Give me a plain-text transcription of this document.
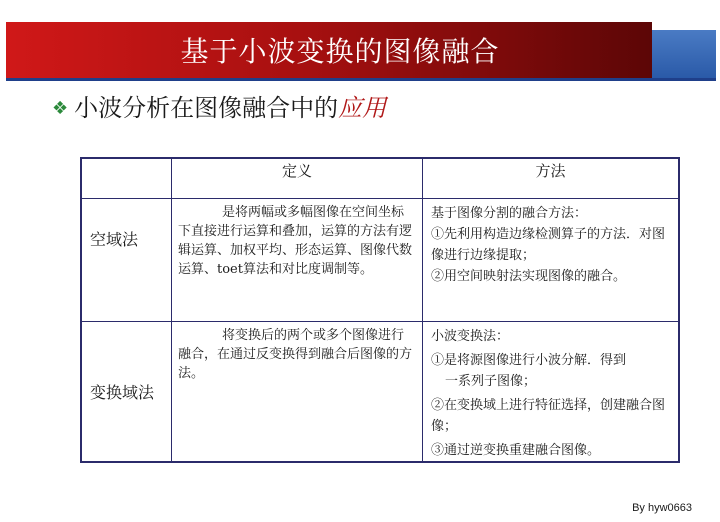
基于小波变换的图像融合
❖ 小波分析在图像融合中的应用
	定义	方法
空域法	是将两幅或多幅图像在空间坐标下直接进行运算和叠加，运算的方法有逻辑运算、加权平均、形态运算、图像代数运算、toet算法和对比度调制等。	基于图像分割的融合方法：

①先利用构造边缘检测算子的方法．对图像进行边缘提取；

②用空间映射法实现图像的融合。

变换域法	将变换后的两个或多个图像进行融合，在通过反变换得到融合后图像的方法。	小波变换法：

①是将源图像进行小波分解．得到

一系列子图像；

②在变换域上进行特征选择，创建融合图像；

③通过逆变换重建融合图像。

By hyw0663
